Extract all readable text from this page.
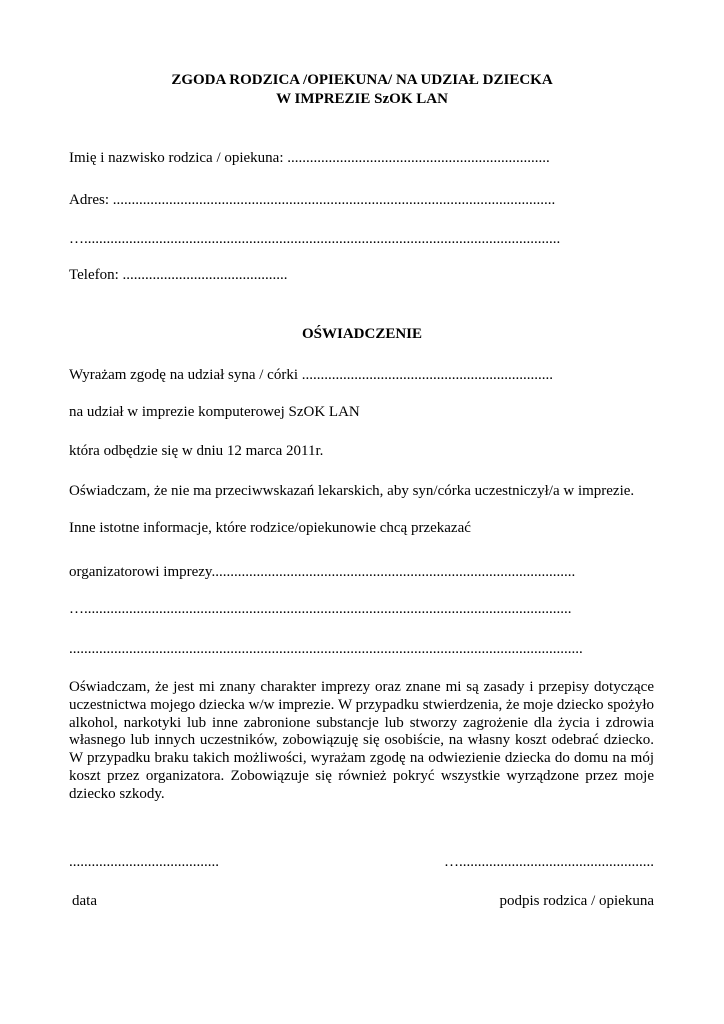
ZGODA RODZICA /OPIEKUNA/ NA UDZIAŁ DZIECKA

W IMPREZIE SzOK LAN

Imię i nazwisko rodzica / opiekuna: ......................................................................

Adres: ......................................................................................................................

…...............................................................................................................................

Telefon: ............................................

OŚWIADCZENIE

Wyrażam zgodę na udział syna / córki ...................................................................

na udział w imprezie komputerowej SzOK LAN

która odbędzie się w dniu 12 marca 2011r.

Oświadczam, że nie ma przeciwwskazań lekarskich, aby syn/córka uczestniczył/a w imprezie.

Inne istotne informacje, które rodzice/opiekunowie chcą przekazać

organizatorowi imprezy.................................................................................................

…..................................................................................................................................

.........................................................................................................................................

Oświadczam, że jest mi znany charakter imprezy oraz znane mi są zasady i przepisy dotyczące uczestnictwa mojego dziecka w/w imprezie. W przypadku stwierdzenia, że moje dziecko spożyło alkohol, narkotyki lub inne zabronione substancje lub stworzy zagrożenie dla życia i zdrowia własnego lub innych uczestników, zobowiązuję się osobiście, na własny koszt odebrać dziecko. W przypadku braku takich możliwości, wyrażam zgodę na odwiezienie dziecka do domu na mój koszt przez organizatora. Zobowiązuje się również pokryć wszystkie wyrządzone przez moje dziecko szkody.

........................................	…....................................................

data	podpis rodzica / opiekuna
